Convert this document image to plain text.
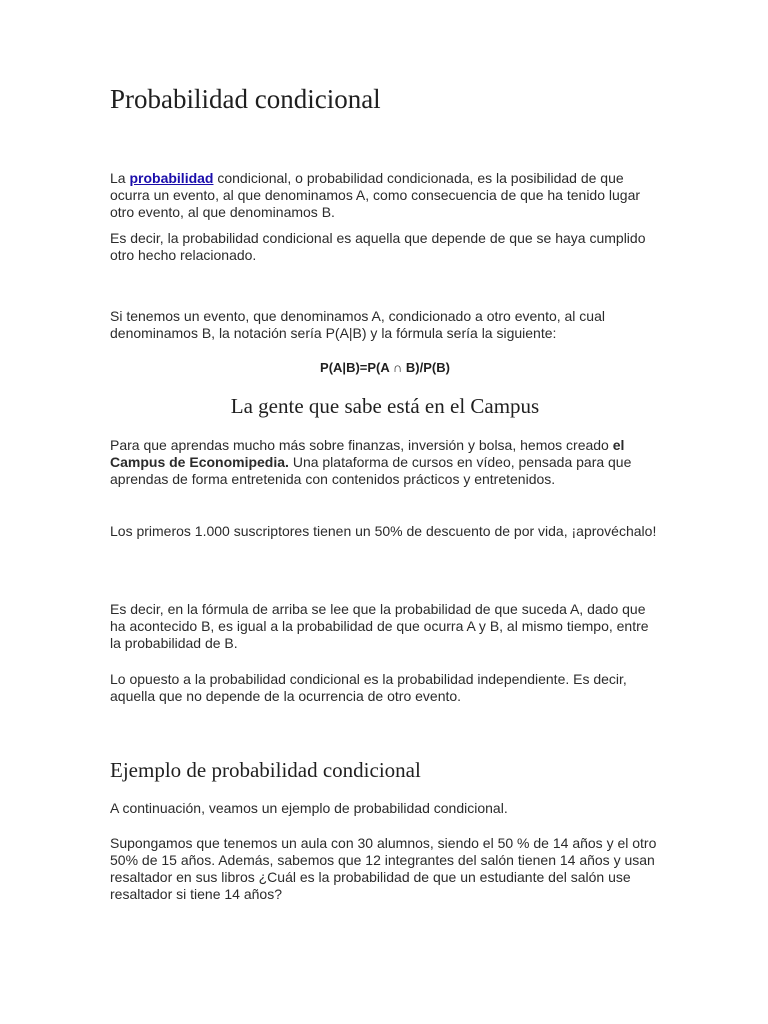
Probabilidad condicional

La probabilidad condicional, o probabilidad condicionada, es la posibilidad de que ocurra un evento, al que denominamos A, como consecuencia de que ha tenido lugar otro evento, al que denominamos B.

Es decir, la probabilidad condicional es aquella que depende de que se haya cumplido otro hecho relacionado.

Si tenemos un evento, que denominamos A, condicionado a otro evento, al cual denominamos B, la notación sería P(A|B) y la fórmula sería la siguiente:

P(A|B)=P(A ∩ B)/P(B)

La gente que sabe está en el Campus

Para que aprendas mucho más sobre finanzas, inversión y bolsa, hemos creado el Campus de Economipedia. Una plataforma de cursos en vídeo, pensada para que aprendas de forma entretenida con contenidos prácticos y entretenidos.

Los primeros 1.000 suscriptores tienen un 50% de descuento de por vida, ¡aprovéchalo!

Es decir, en la fórmula de arriba se lee que la probabilidad de que suceda A, dado que ha acontecido B, es igual a la probabilidad de que ocurra A y B, al mismo tiempo, entre la probabilidad de B.

Lo opuesto a la probabilidad condicional es la probabilidad independiente. Es decir, aquella que no depende de la ocurrencia de otro evento.

Ejemplo de probabilidad condicional

A continuación, veamos un ejemplo de probabilidad condicional.

Supongamos que tenemos un aula con 30 alumnos, siendo el 50 % de 14 años y el otro 50% de 15 años. Además, sabemos que 12 integrantes del salón tienen 14 años y usan resaltador en sus libros ¿Cuál es la probabilidad de que un estudiante del salón use resaltador si tiene 14 años?
